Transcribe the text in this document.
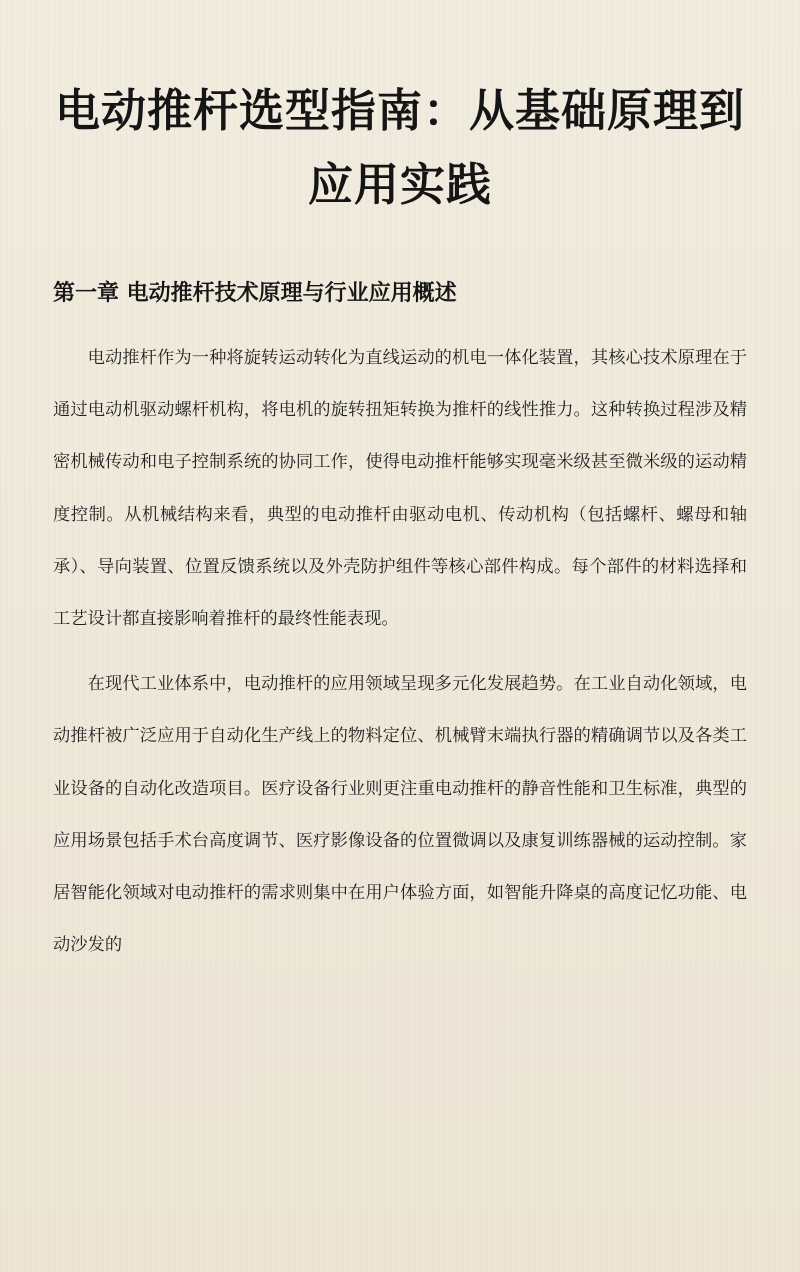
电动推杆选型指南：从基础原理到应用实践
第一章 电动推杆技术原理与行业应用概述

电动推杆作为一种将旋转运动转化为直线运动的机电一体化装置，其核心技术原理在于通过电动机驱动螺杆机构，将电机的旋转扭矩转换为推杆的线性推力。这种转换过程涉及精密机械传动和电子控制系统的协同工作，使得电动推杆能够实现毫米级甚至微米级的运动精度控制。从机械结构来看，典型的电动推杆由驱动电机、传动机构（包括螺杆、螺母和轴承）、导向装置、位置反馈系统以及外壳防护组件等核心部件构成。每个部件的材料选择和工艺设计都直接影响着推杆的最终性能表现。

在现代工业体系中，电动推杆的应用领域呈现多元化发展趋势。在工业自动化领域，电动推杆被广泛应用于自动化生产线上的物料定位、机械臂末端执行器的精确调节以及各类工业设备的自动化改造项目。医疗设备行业则更注重电动推杆的静音性能和卫生标准，典型的应用场景包括手术台高度调节、医疗影像设备的位置微调以及康复训练器械的运动控制。家居智能化领域对电动推杆的需求则集中在用户体验方面，如智能升降桌的高度记忆功能、电动沙发的
